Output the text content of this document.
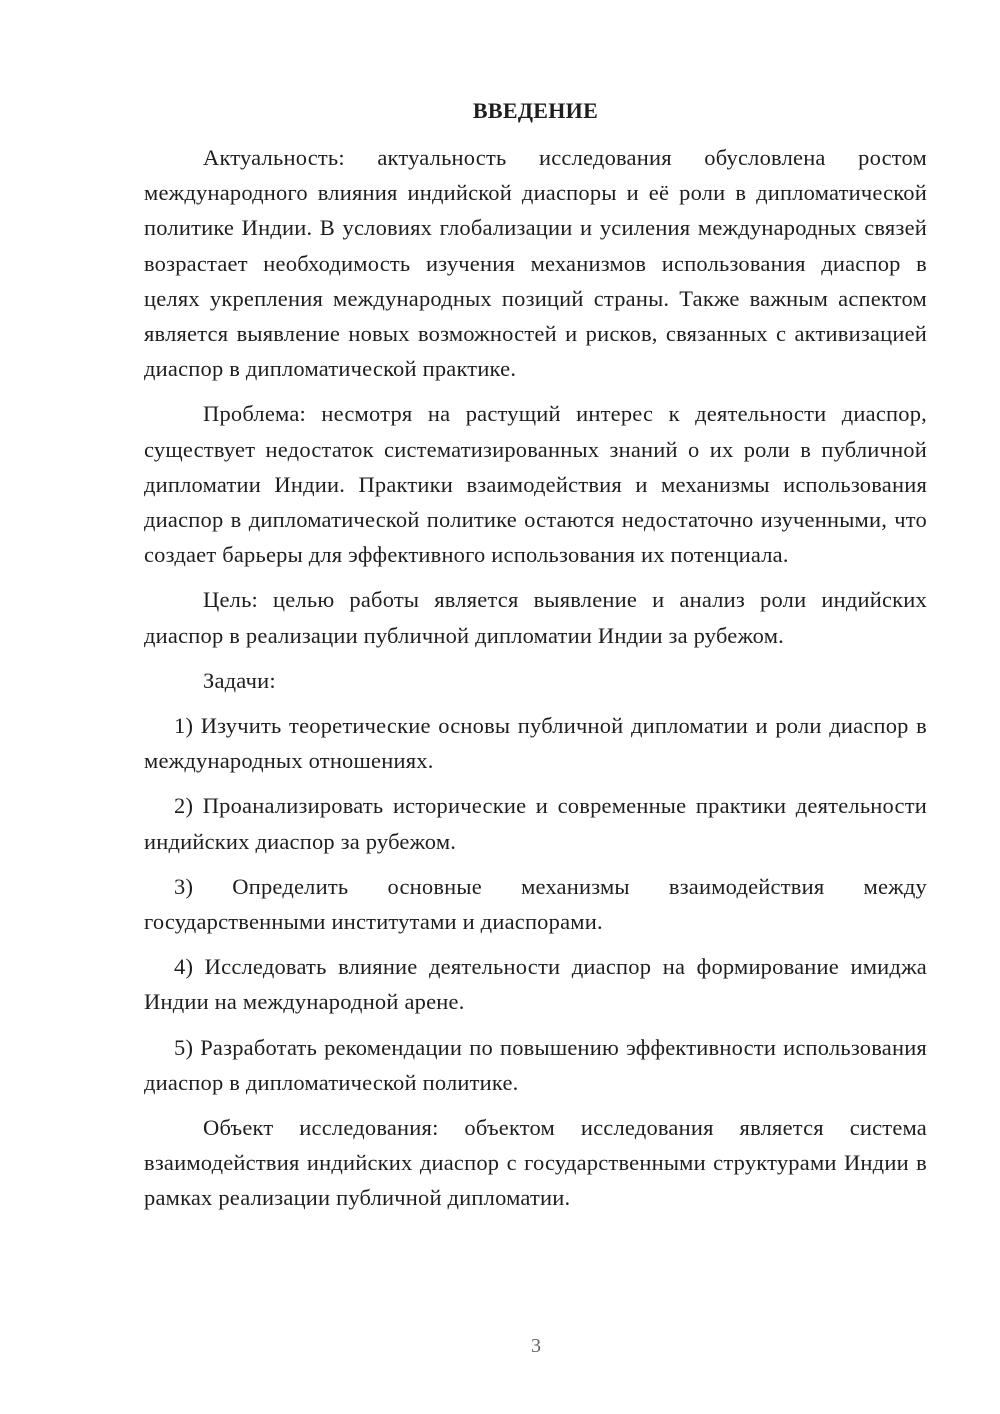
ВВЕДЕНИЕ

Актуальность: актуальность исследования обусловлена ростом международного влияния индийской диаспоры и её роли в дипломатической политике Индии. В условиях глобализации и усиления международных связей возрастает необходимость изучения механизмов использования диаспор в целях укрепления международных позиций страны. Также важным аспектом является выявление новых возможностей и рисков, связанных с активизацией диаспор в дипломатической практике.

Проблема: несмотря на растущий интерес к деятельности диаспор, существует недостаток систематизированных знаний о их роли в публичной дипломатии Индии. Практики взаимодействия и механизмы использования диаспор в дипломатической политике остаются недостаточно изученными, что создает барьеры для эффективного использования их потенциала.

Цель: целью работы является выявление и анализ роли индийских диаспор в реализации публичной дипломатии Индии за рубежом.

Задачи:

1) Изучить теоретические основы публичной дипломатии и роли диаспор в международных отношениях.

2) Проанализировать исторические и современные практики деятельности индийских диаспор за рубежом.

3) Определить основные механизмы взаимодействия между государственными институтами и диаспорами.

4) Исследовать влияние деятельности диаспор на формирование имиджа Индии на международной арене.

5) Разработать рекомендации по повышению эффективности использования диаспор в дипломатической политике.

Объект исследования: объектом исследования является система взаимодействия индийских диаспор с государственными структурами Индии в рамках реализации публичной дипломатии.

3
